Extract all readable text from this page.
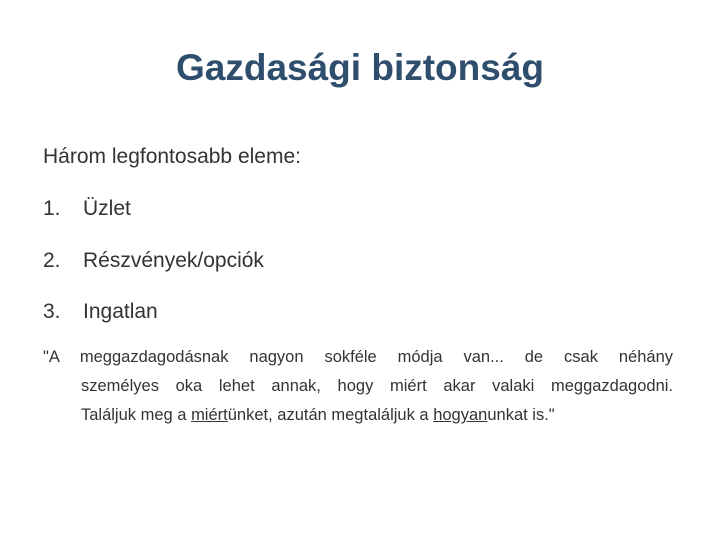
Gazdasági biztonság
Három legfontosabb eleme:
1. Üzlet
2. Részvények/opciók
3. Ingatlan
"A meggazdagodásnak nagyon sokféle módja van... de csak néhány
személyes oka lehet annak, hogy miért akar valaki meggazdagodni.
Találjuk meg a miértünket, azután megtaláljuk a hogyanunkat is."
